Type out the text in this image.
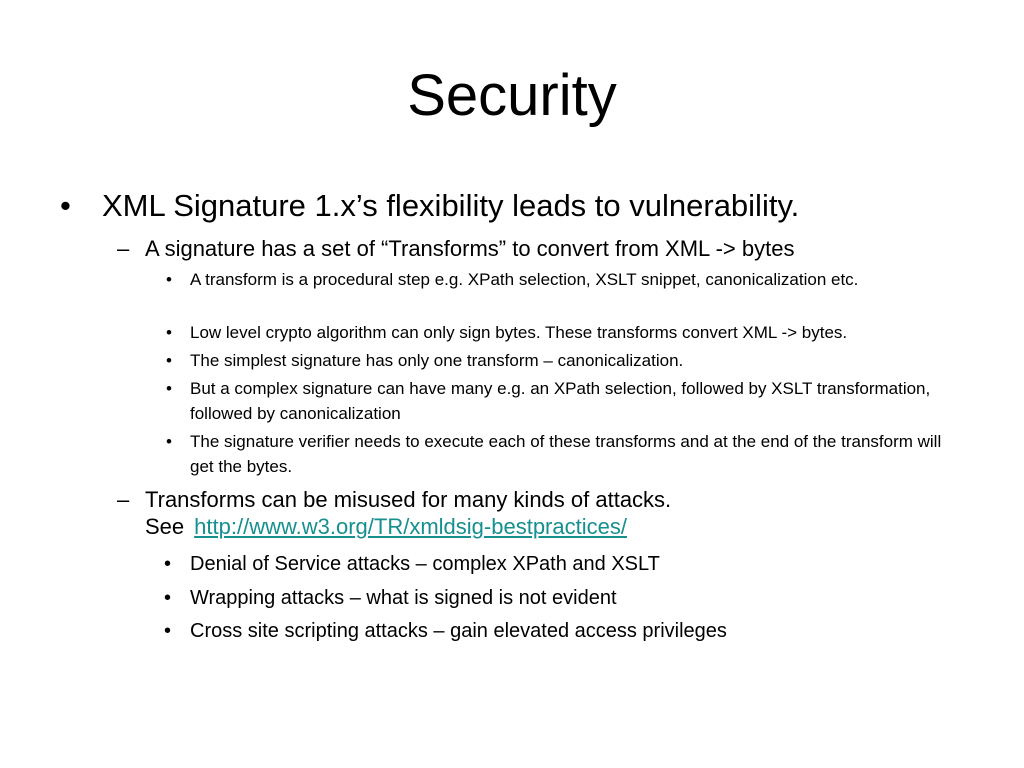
Security
•	XML Signature 1.x’s flexibility leads to vulnerability.
– A signature has a set of “Transforms” to convert from XML -> bytes
•	A transform is a procedural step e.g. XPath selection, XSLT snippet, canonicalization etc.
•	Low level crypto algorithm can only sign bytes. These transforms convert XML -> bytes.
•	The simplest signature has only one transform – canonicalization.
•	But a complex signature can have many e.g. an XPath selection, followed by XSLT transformation, followed by canonicalization
•	The signature verifier needs to execute each of these transforms and at the end of the transform will get the bytes.
– Transforms can be misused for many kinds of attacks.
See http://www.w3.org/TR/xmldsig-bestpractices/
• Denial of Service attacks – complex XPath and XSLT
• Wrapping attacks – what is signed is not evident
• Cross site scripting attacks – gain elevated access privileges
